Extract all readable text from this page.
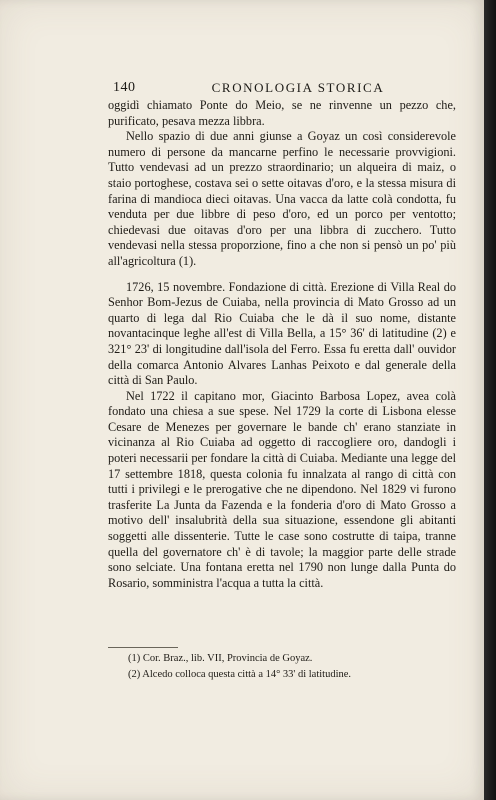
140	CRONOLOGIA STORICA

oggidì chiamato Ponte do Meio, se ne rinvenne un pezzo che, purificato, pesava mezza libbra.

Nello spazio di due anni giunse a Goyaz un così considerevole numero di persone da mancarne perfino le necessarie provvigioni. Tutto vendevasi ad un prezzo straordinario; un alqueira di maiz, o staio portoghese, costava sei o sette oitavas d'oro, e la stessa misura di farina di mandioca dieci oitavas. Una vacca da latte colà condotta, fu venduta per due libbre di peso d'oro, ed un porco per ventotto; chiedevasi due oitavas d'oro per una libbra di zucchero. Tutto vendevasi nella stessa proporzione, fino a che non si pensò un po' più all'agricoltura (1).

1726, 15 novembre. Fondazione di città. Erezione di Villa Real do Senhor Bom-Jezus de Cuiaba, nella provincia di Mato Grosso ad un quarto di lega dal Rio Cuiaba che le dà il suo nome, distante novantacinque leghe all'est di Villa Bella, a 15° 36' di latitudine (2) e 321° 23' di longitudine dall'isola del Ferro. Essa fu eretta dall' ouvidor della comarca Antonio Alvares Lanhas Peixoto e dal generale della città di San Paulo.

Nel 1722 il capitano mor, Giacinto Barbosa Lopez, avea colà fondato una chiesa a sue spese. Nel 1729 la corte di Lisbona elesse Cesare de Menezes per governare le bande ch' erano stanziate in vicinanza al Rio Cuiaba ad oggetto di raccogliere oro, dandogli i poteri necessarii per fondare la città di Cuiaba. Mediante una legge del 17 settembre 1818, questa colonia fu innalzata al rango di città con tutti i privilegi e le prerogative che ne dipendono. Nel 1829 vi furono trasferite La Junta da Fazenda e la fonderia d'oro di Mato Grosso a motivo dell' insalubrità della sua situazione, essendone gli abitanti soggetti alle dissenterie. Tutte le case sono costrutte di taipa, tranne quella del governatore ch' è di tavole; la maggior parte delle strade sono selciate. Una fontana eretta nel 1790 non lunge dalla Punta do Rosario, somministra l'acqua a tutta la città.

(1) Cor. Braz., lib. VII, Provincia de Goyaz.
(2) Alcedo colloca questa città a 14° 33' di latitudine.
